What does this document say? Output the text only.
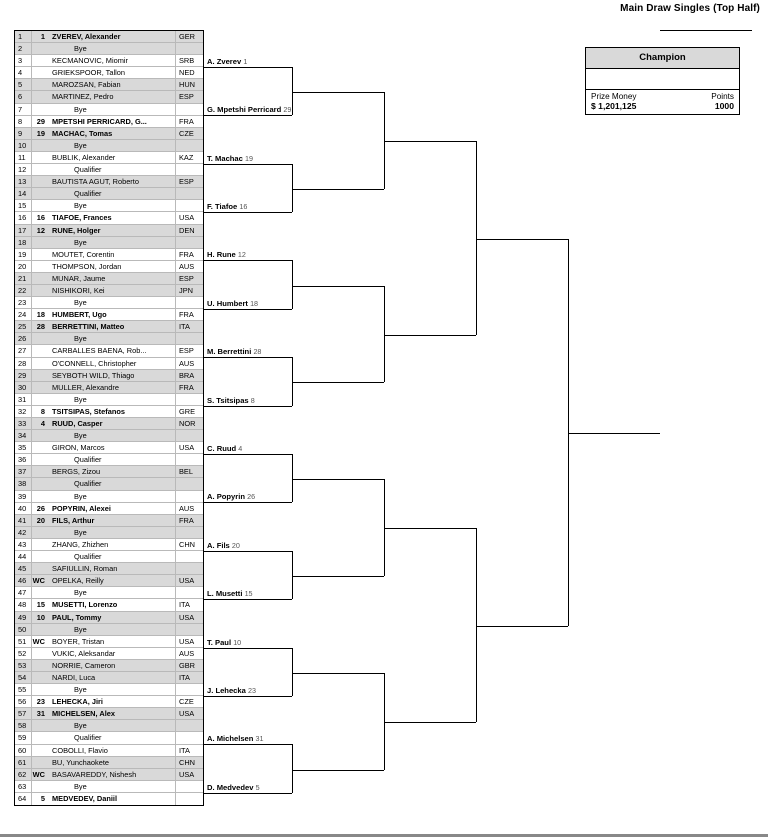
Main Draw Singles (Top Half)
1	1 ZVEREV, Alexander	GER
2	Bye
3	KECMANOVIC, Miomir	SRB
4	GRIEKSPOOR, Tallon	NED
5	MAROZSAN, Fabian	HUN
6	MARTINEZ, Pedro	ESP
7	Bye
8	29 MPETSHI PERRICARD, G...	FRA
9	19 MACHAC, Tomas	CZE
10	Bye
11	BUBLIK, Alexander	KAZ
12	Qualifier
13	BAUTISTA AGUT, Roberto	ESP
14	Qualifier
15	Bye
16	16 TIAFOE, Frances	USA
17	12 RUNE, Holger	DEN
18	Bye
19	MOUTET, Corentin	FRA
20	THOMPSON, Jordan	AUS
21	MUNAR, Jaume	ESP
22	NISHIKORI, Kei	JPN
23	Bye
24	18 HUMBERT, Ugo	FRA
25	28 BERRETTINI, Matteo	ITA
26	Bye
27	CARBALLES BAENA, Rob...	ESP
28	O'CONNELL, Christopher	AUS
29	SEYBOTH WILD, Thiago	BRA
30	MULLER, Alexandre	FRA
31	Bye
32	8 TSITSIPAS, Stefanos	GRE
33	4 RUUD, Casper	NOR
34	Bye
35	GIRON, Marcos	USA
36	Qualifier
37	BERGS, Zizou	BEL
38	Qualifier
39	Bye
40	26 POPYRIN, Alexei	AUS
41	20 FILS, Arthur	FRA
42	Bye
43	ZHANG, Zhizhen	CHN
44	Qualifier
45	SAFIULLIN, Roman
46 WC OPELKA, Reilly	USA
47	Bye
48	15 MUSETTI, Lorenzo	ITA
49	10 PAUL, Tommy	USA
50	Bye
51 WC BOYER, Tristan	USA
52	VUKIC, Aleksandar	AUS
53	NORRIE, Cameron	GBR
54	NARDI, Luca	ITA
55	Bye
56	23 LEHECKA, Jiri	CZE
57	31 MICHELSEN, Alex	USA
58	Bye
59	Qualifier
60	COBOLLI, Flavio	ITA
61	BU, Yunchaokete	CHN
62 WC BASAVAREDDY, Nishesh	USA
63	Bye
64	5 MEDVEDEV, Daniil
A. Zverev 1
G. Mpetshi Perricard 29
T. Machac 19
F. Tiafoe 16
H. Rune 12
U. Humbert 18
M. Berrettini 28
S. Tsitsipas 8
C. Ruud 4
A. Popyrin 26
A. Fils 20
L. Musetti 15
T. Paul 10
J. Lehecka 23
A. Michelsen 31
D. Medvedev 5
Champion
Prize Money	Points
$ 1,201,125	1000
